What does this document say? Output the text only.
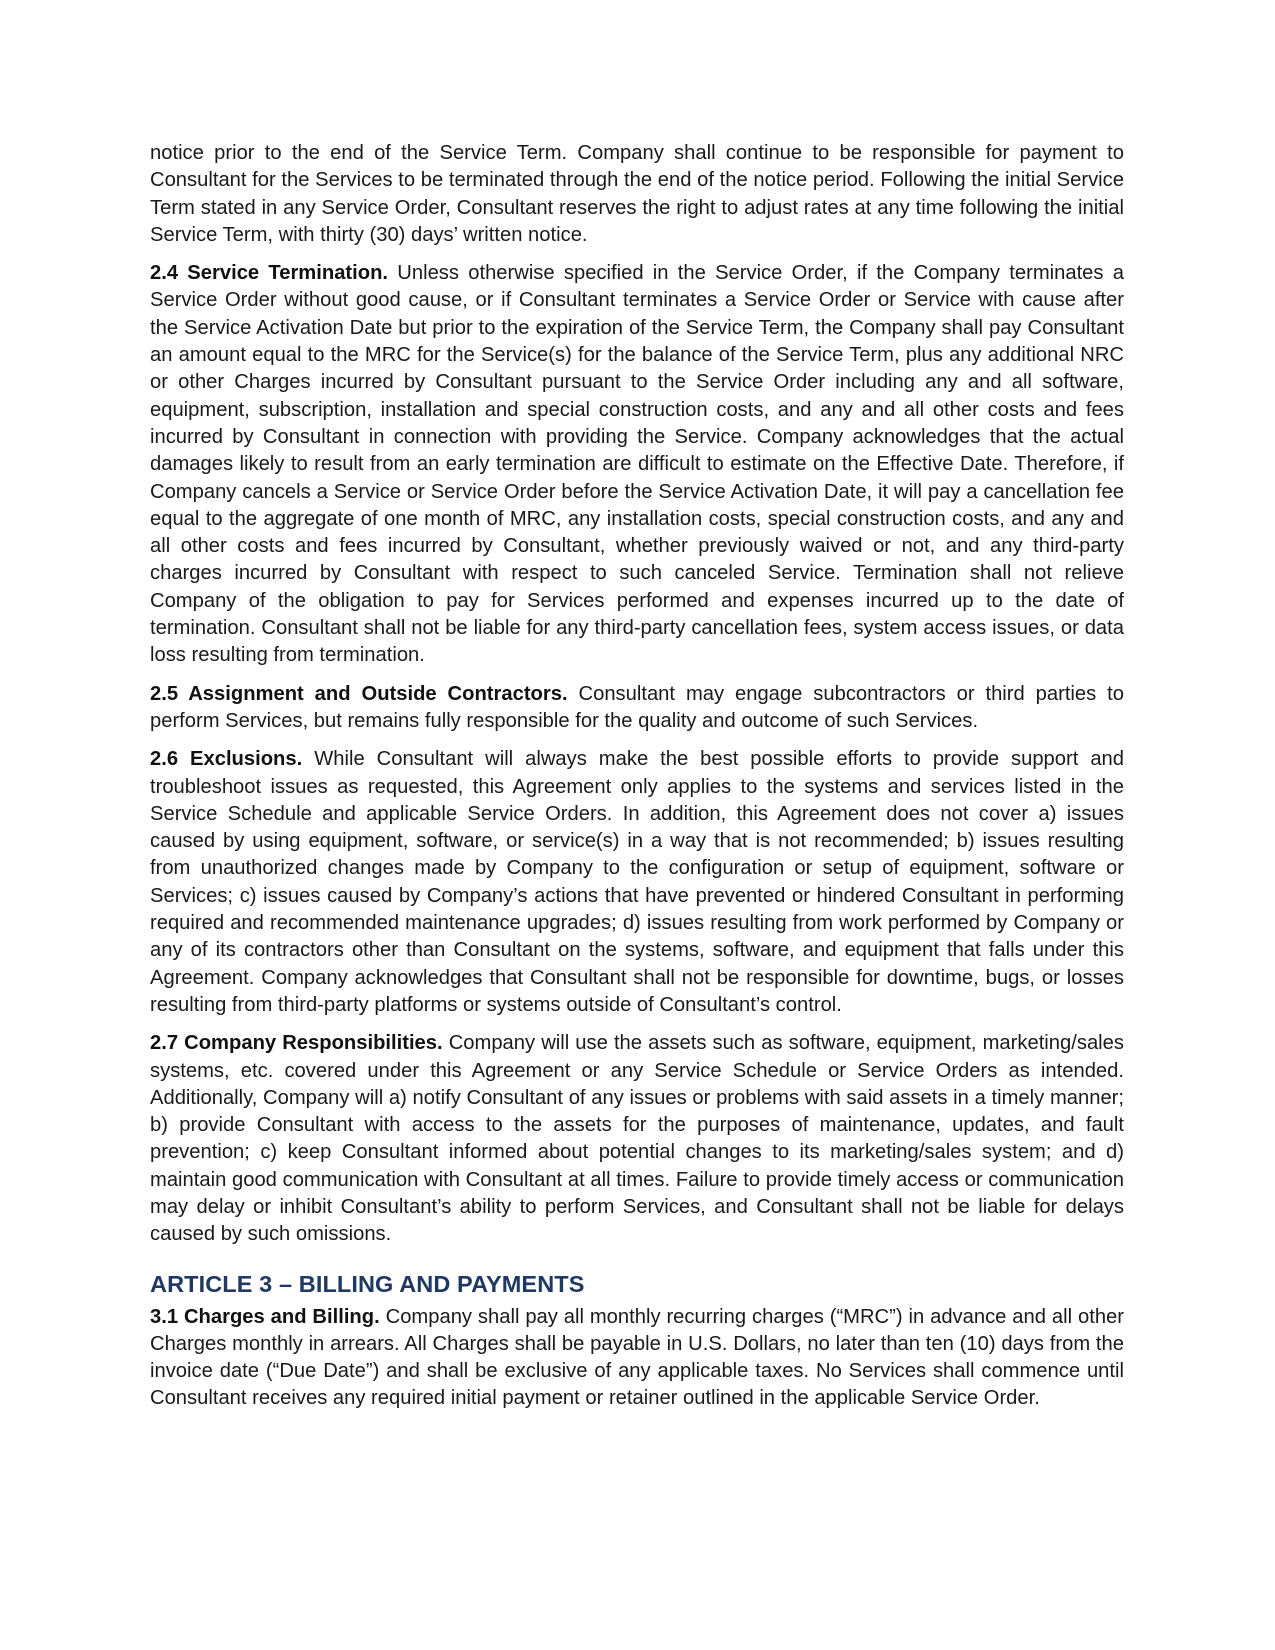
notice prior to the end of the Service Term. Company shall continue to be responsible for payment to Consultant for the Services to be terminated through the end of the notice period. Following the initial Service Term stated in any Service Order, Consultant reserves the right to adjust rates at any time following the initial Service Term, with thirty (30) days’ written notice.

2.4 Service Termination. Unless otherwise specified in the Service Order, if the Company terminates a Service Order without good cause, or if Consultant terminates a Service Order or Service with cause after the Service Activation Date but prior to the expiration of the Service Term, the Company shall pay Consultant an amount equal to the MRC for the Service(s) for the balance of the Service Term, plus any additional NRC or other Charges incurred by Consultant pursuant to the Service Order including any and all software, equipment, subscription, installation and special construction costs, and any and all other costs and fees incurred by Consultant in connection with providing the Service. Company acknowledges that the actual damages likely to result from an early termination are difficult to estimate on the Effective Date. Therefore, if Company cancels a Service or Service Order before the Service Activation Date, it will pay a cancellation fee equal to the aggregate of one month of MRC, any installation costs, special construction costs, and any and all other costs and fees incurred by Consultant, whether previously waived or not, and any third-party charges incurred by Consultant with respect to such canceled Service. Termination shall not relieve Company of the obligation to pay for Services performed and expenses incurred up to the date of termination. Consultant shall not be liable for any third-party cancellation fees, system access issues, or data loss resulting from termination.

2.5 Assignment and Outside Contractors. Consultant may engage subcontractors or third parties to perform Services, but remains fully responsible for the quality and outcome of such Services.

2.6 Exclusions. While Consultant will always make the best possible efforts to provide support and troubleshoot issues as requested, this Agreement only applies to the systems and services listed in the Service Schedule and applicable Service Orders. In addition, this Agreement does not cover a) issues caused by using equipment, software, or service(s) in a way that is not recommended; b) issues resulting from unauthorized changes made by Company to the configuration or setup of equipment, software or Services; c) issues caused by Company’s actions that have prevented or hindered Consultant in performing required and recommended maintenance upgrades; d) issues resulting from work performed by Company or any of its contractors other than Consultant on the systems, software, and equipment that falls under this Agreement. Company acknowledges that Consultant shall not be responsible for downtime, bugs, or losses resulting from third-party platforms or systems outside of Consultant’s control.

2.7 Company Responsibilities. Company will use the assets such as software, equipment, marketing/sales systems, etc. covered under this Agreement or any Service Schedule or Service Orders as intended. Additionally, Company will a) notify Consultant of any issues or problems with said assets in a timely manner; b) provide Consultant with access to the assets for the purposes of maintenance, updates, and fault prevention; c) keep Consultant informed about potential changes to its marketing/sales system; and d) maintain good communication with Consultant at all times. Failure to provide timely access or communication may delay or inhibit Consultant’s ability to perform Services, and Consultant shall not be liable for delays caused by such omissions.

ARTICLE 3 – BILLING AND PAYMENTS

3.1 Charges and Billing. Company shall pay all monthly recurring charges (“MRC”) in advance and all other Charges monthly in arrears. All Charges shall be payable in U.S. Dollars, no later than ten (10) days from the invoice date (“Due Date”) and shall be exclusive of any applicable taxes. No Services shall commence until Consultant receives any required initial payment or retainer outlined in the applicable Service Order.
